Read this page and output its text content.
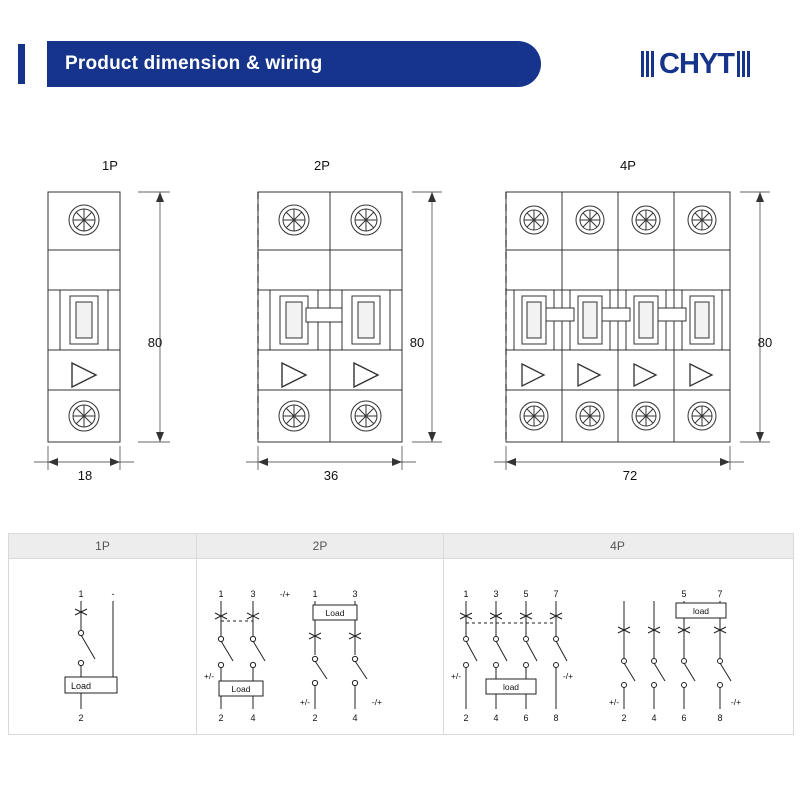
Product dimension & wiring	CHYT
1P
80
18
2P
80
36
4P
80
72
1P	2P	4P
Load
1	-
2
Load
1	3	-/+
+/-
2	4
Load
1	3
+/-	-/+
2	4
load
1	3	5	7
+/-	-/+
2	4	6	8
load
5	7
+/-	-/+
2	4	6	8
